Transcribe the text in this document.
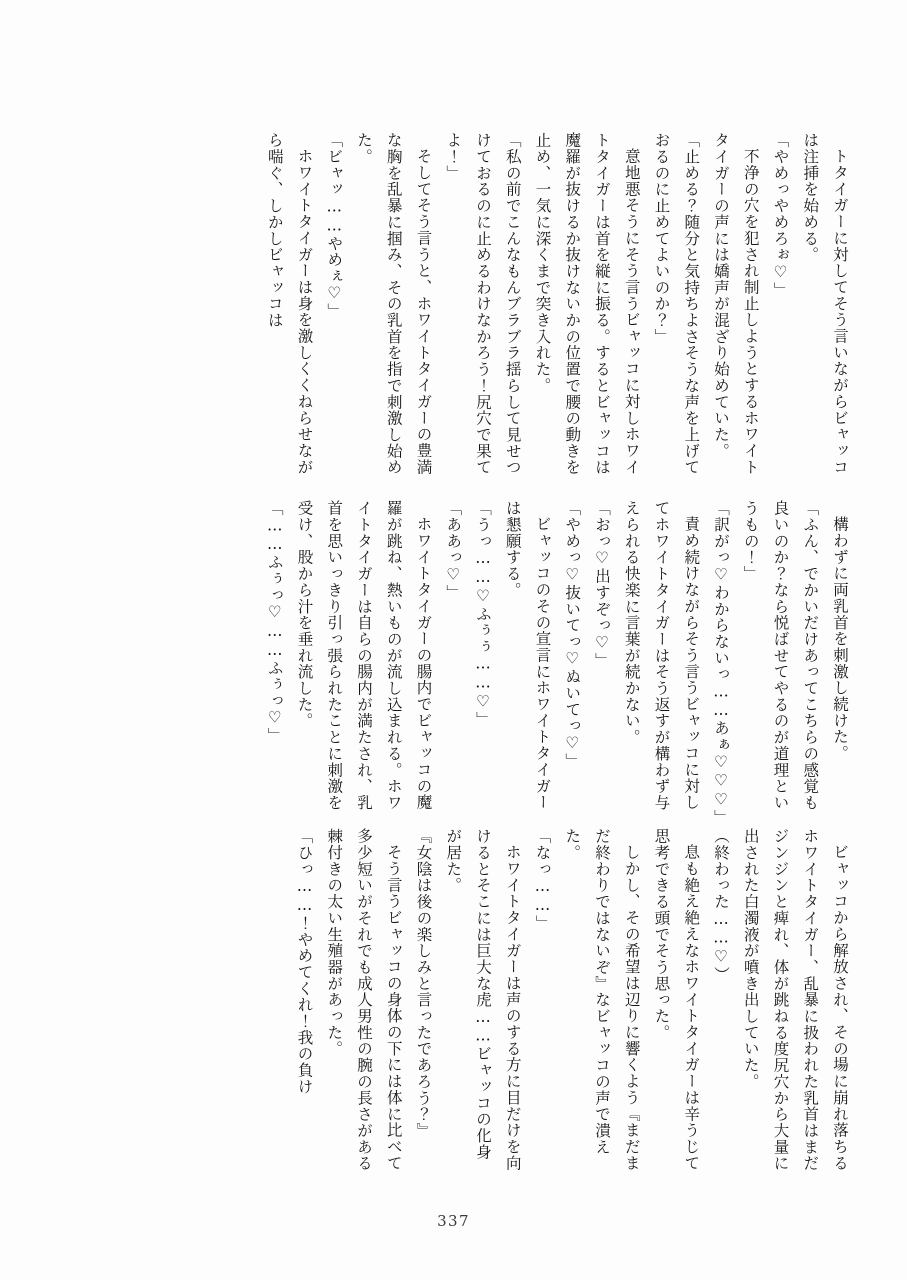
トタイガーに対してそう言いながらビャッコは注挿を始める。

「やめっやめろぉ♡」

不浄の穴を犯され制止しようとするホワイトタイガーの声には嬌声が混ざり始めていた。

「止める？随分と気持ちよさそうな声を上げておるのに止めてよいのか？」

意地悪そうにそう言うビャッコに対しホワイトタイガーは首を縦に振る。するとビャッコは魔羅が抜けるか抜けないかの位置で腰の動きを止め、一気に深くまで突き入れた。

「私の前でこんなもんブラブラ揺らして見せつけておるのに止めるわけなかろう！尻穴で果てよ！」

そしてそう言うと、ホワイトタイガーの豊満な胸を乱暴に掴み、その乳首を指で刺激し始めた。

「ビャッ……やめぇ♡」

ホワイトタイガーは身を激しくくねらせながら喘ぐ、しかしビャッコは

構わずに両乳首を刺激し続けた。

「ふん、でかいだけあってこちらの感覚も良いのか？なら悦ばせてやるのが道理というもの！」

「訳がっ♡わからないっ……あぁ♡♡♡」

責め続けながらそう言うビャッコに対してホワイトタイガーはそう返すが構わず与えられる快楽に言葉が続かない。

「おっ♡出すぞっ♡」

「やめっ♡抜いてっ♡ぬいてっ♡」

ビャッコのその宣言にホワイトタイガーは懇願する。

「うっ……♡ふぅぅ……♡」

「ああっ♡」

ホワイトタイガーの腸内でビャッコの魔羅が跳ね、熱いものが流し込まれる。ホワイトタイガーは自らの腸内が満たされ、乳首を思いっきり引っ張られたことに刺激を受け、股から汁を垂れ流した。

「……ふぅっ♡……ふぅっ♡」

ビャッコから解放され、その場に崩れ落ちるホワイトタイガー、乱暴に扱われた乳首はまだジンジンと痺れ、体が跳ねる度尻穴から大量に出された白濁液が噴き出していた。

（終わった……♡）

息も絶え絶えなホワイトタイガーは辛うじて思考できる頭でそう思った。

しかし、その希望は辺りに響くよう『まだまだ終わりではないぞ』なビャッコの声で潰えた。

「なっ……」

ホワイトタイガーは声のする方に目だけを向けるとそこには巨大な虎……ビャッコの化身が居た。

『女陰は後の楽しみと言ったであろう？』

そう言うビャッコの身体の下には体に比べて多少短いがそれでも成人男性の腕の長さがある棘付きの太い生殖器があった。

「ひっ……！やめてくれ！我の負け

337
